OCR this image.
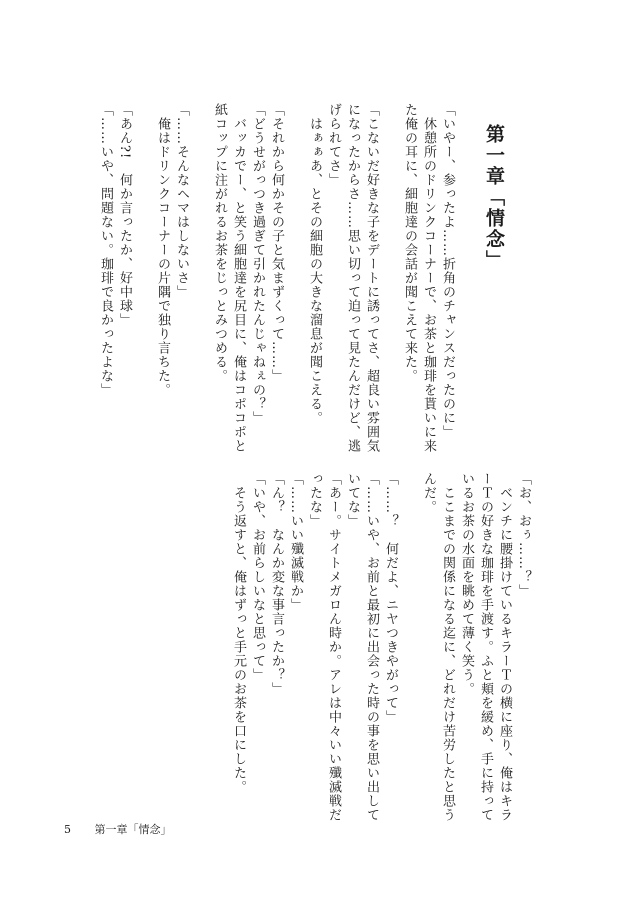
第一章「情念」
「いやー、参ったよ……折角のチャンスだったのに」
　休憩所のドリンクコーナーで、お茶と珈琲を貰いに来
た俺の耳に、細胞達の会話が聞こえて来た。
「こないだ好きな子をデートに誘ってさ、超良い雰囲気
になったからさ……思い切って迫って見たんだけど、逃
げられてさ」
　はぁぁあ、とその細胞の大きな溜息が聞こえる。
「それから何かその子と気まずくって……」
「どうせがっつき過ぎて引かれたんじゃねぇの？」
　バッカでー、と笑う細胞達を尻目に、俺はコポコポと
紙コップに注がれるお茶をじっとみつめる。
「……そんなヘマはしないさ」
　俺はドリンクコーナーの片隅で独り言ちた。
「あん?!　何か言ったか、好中球」
「……いや、問題ない。珈琲で良かったよな」
「お、おぅ……？」
　ベンチに腰掛けているキラーＴの横に座り、俺はキラ
ーＴの好きな珈琲を手渡す。ふと頬を緩め、手に持って
いるお茶の水面を眺めて薄く笑う。
　ここまでの関係になる迄に、どれだけ苦労したと思う
んだ。
「……？　何だよ、ニヤつきやがって」
「……いや、お前と最初に出会った時の事を思い出して
いてな」
「あー。サイトメガロん時か。アレは中々いい殲滅戦だ
ったな」
「……いい殲滅戦か」
「ん？　なんか変な事言ったか？」
「いや、お前らしいなと思って」
　そう返すと、俺はずっと手元のお茶を口にした。
5 第一章「情念」
